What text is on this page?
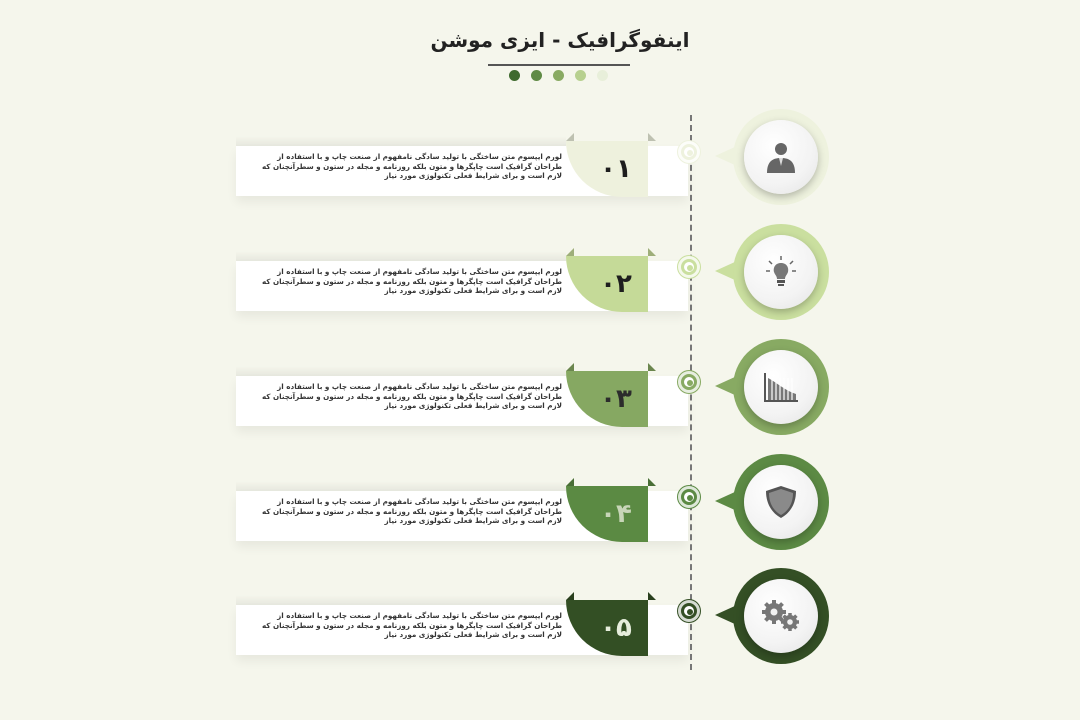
اینفوگرافیک - ایزی موشن
لورم ایپسوم متن ساختگی با تولید سادگی نامفهوم از صنعت چاپ و با استفاده از طراحان گرافیک است چاپگرها و متون بلکه روزنامه و مجله در ستون و سطرآنچنان که لازم است و برای شرایط فعلی تکنولوژی مورد نیاز ۰۱
لورم ایپسوم متن ساختگی با تولید سادگی نامفهوم از صنعت چاپ و با استفاده از طراحان گرافیک است چاپگرها و متون بلکه روزنامه و مجله در ستون و سطرآنچنان که لازم است و برای شرایط فعلی تکنولوژی مورد نیاز ۰۲
لورم ایپسوم متن ساختگی با تولید سادگی نامفهوم از صنعت چاپ و با استفاده از طراحان گرافیک است چاپگرها و متون بلکه روزنامه و مجله در ستون و سطرآنچنان که لازم است و برای شرایط فعلی تکنولوژی مورد نیاز ۰۳
لورم ایپسوم متن ساختگی با تولید سادگی نامفهوم از صنعت چاپ و با استفاده از طراحان گرافیک است چاپگرها و متون بلکه روزنامه و مجله در ستون و سطرآنچنان که لازم است و برای شرایط فعلی تکنولوژی مورد نیاز ۰۴
لورم ایپسوم متن ساختگی با تولید سادگی نامفهوم از صنعت چاپ و با استفاده از طراحان گرافیک است چاپگرها و متون بلکه روزنامه و مجله در ستون و سطرآنچنان که لازم است و برای شرایط فعلی تکنولوژی مورد نیاز ۰۵
